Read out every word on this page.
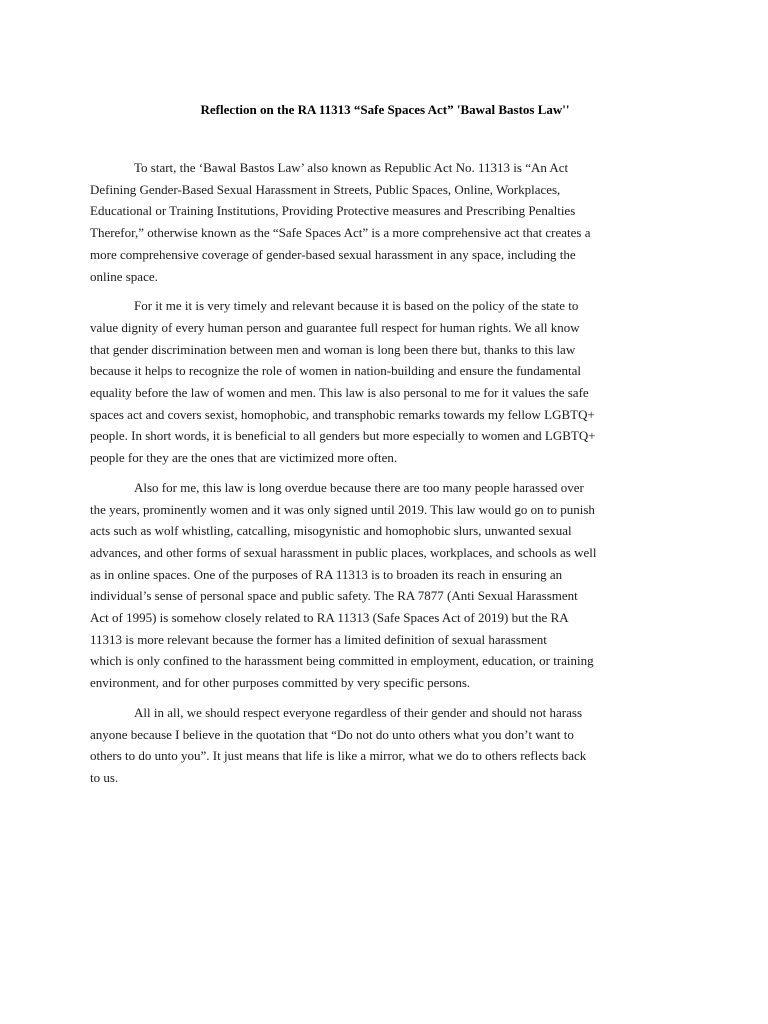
Reflection on the RA 11313 “Safe Spaces Act” 'Bawal Bastos Law''

To start, the ‘Bawal Bastos Law’ also known as Republic Act No. 11313 is “An Act
Defining Gender-Based Sexual Harassment in Streets, Public Spaces, Online, Workplaces,
Educational or Training Institutions, Providing Protective measures and Prescribing Penalties
Therefor,” otherwise known as the “Safe Spaces Act” is a more comprehensive act that creates a
more comprehensive coverage of gender-based sexual harassment in any space, including the
online space.

For it me it is very timely and relevant because it is based on the policy of the state to
value dignity of every human person and guarantee full respect for human rights. We all know
that gender discrimination between men and woman is long been there but, thanks to this law
because it helps to recognize the role of women in nation-building and ensure the fundamental
equality before the law of women and men. This law is also personal to me for it values the safe
spaces act and covers sexist, homophobic, and transphobic remarks towards my fellow LGBTQ+
people. In short words, it is beneficial to all genders but more especially to women and LGBTQ+
people for they are the ones that are victimized more often.

Also for me, this law is long overdue because there are too many people harassed over
the years, prominently women and it was only signed until 2019. This law would go on to punish
acts such as wolf whistling, catcalling, misogynistic and homophobic slurs, unwanted sexual
advances, and other forms of sexual harassment in public places, workplaces, and schools as well
as in online spaces. One of the purposes of RA 11313 is to broaden its reach in ensuring an
individual’s sense of personal space and public safety. The RA 7877 (Anti Sexual Harassment
Act of 1995) is somehow closely related to RA 11313 (Safe Spaces Act of 2019) but the RA
11313 is more relevant because the former has a limited definition of sexual harassment
which is only confined to the harassment being committed in employment, education, or training
environment, and for other purposes committed by very specific persons.

All in all, we should respect everyone regardless of their gender and should not harass
anyone because I believe in the quotation that “Do not do unto others what you don’t want to
others to do unto you”. It just means that life is like a mirror, what we do to others reflects back
to us.
